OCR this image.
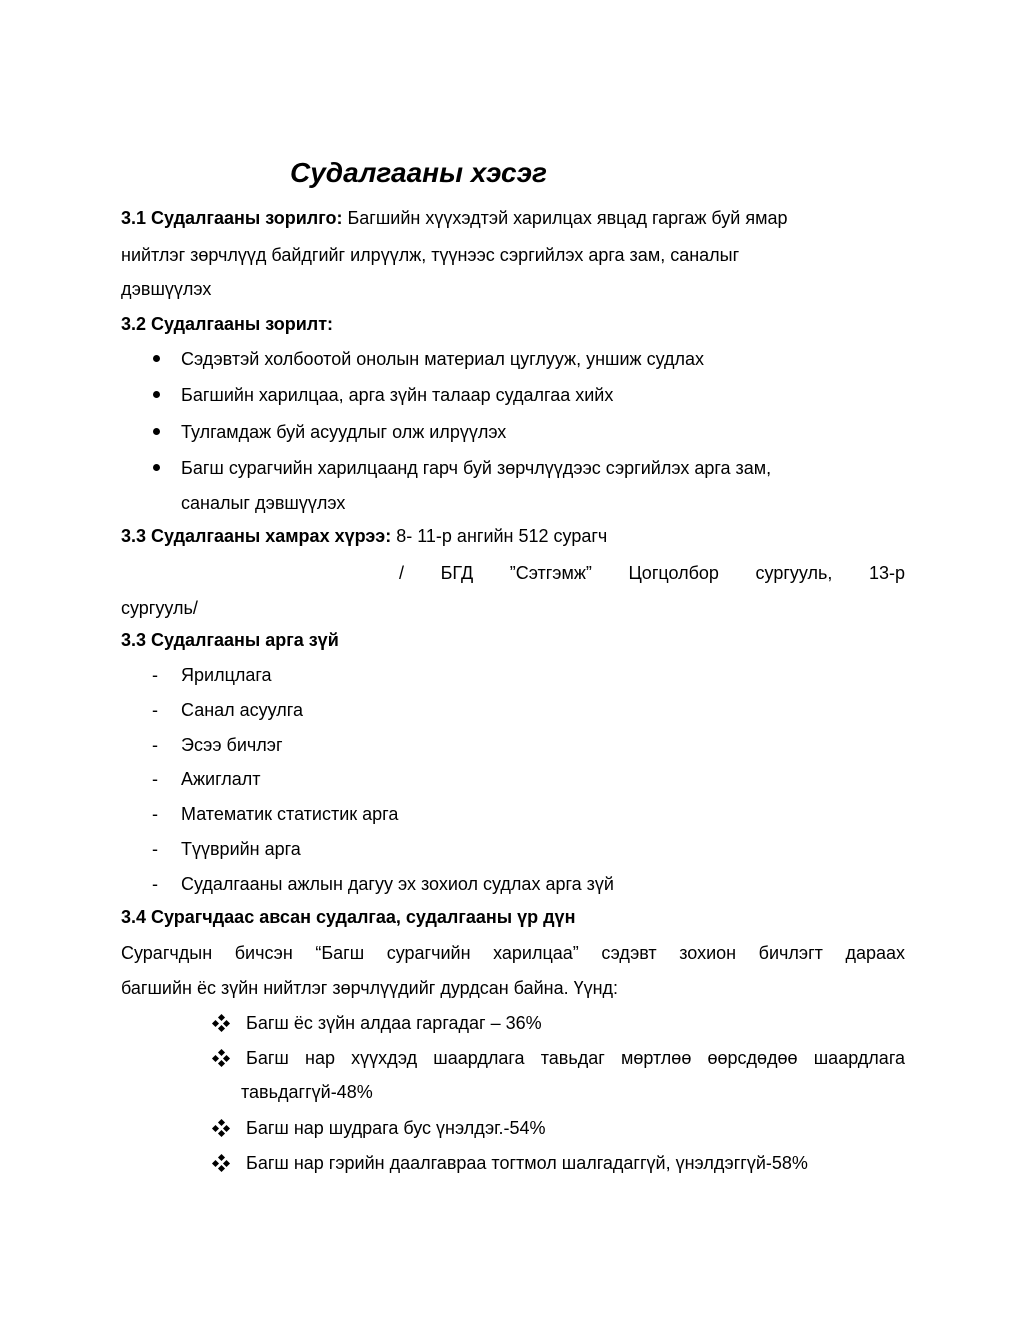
Судалгааны хэсэг

3.1 Судалгааны зорилго: Багшийн хүүхэдтэй харилцах явцад гаргаж буй ямар

нийтлэг зөрчлүүд байдгийг илрүүлж, түүнээс сэргийлэх арга зам, саналыг

дэвшүүлэх

3.2 Судалгааны зорилт:

Сэдэвтэй холбоотой онолын материал цуглууж, уншиж судлах

Багшийн харилцаа, арга зүйн талаар судалгаа хийх

Тулгамдаж буй асуудлыг олж илрүүлэх

Багш сурагчийн харилцаанд гарч буй зөрчлүүдээс сэргийлэх арга зам,

саналыг дэвшүүлэх

3.3 Судалгааны хамрах хүрээ: 8- 11-р ангийн 512 сурагч

/ БГД ”Сэтгэмж” Цогцолбор сургууль, 13-р

сургууль/

3.3 Судалгааны арга зүй

- Ярилцлага

- Санал асуулга

- Эсээ бичлэг

- Ажиглалт

- Математик статистик арга

- Түүврийн арга

- Судалгааны ажлын дагуу эх зохиол судлах арга зүй

3.4 Сурагчдаас авсан судалгаа, судалгааны үр дүн

Сурагчдын бичсэн “Багш сурагчийн харилцаа” сэдэвт зохион бичлэгт дараах

багшийн ёс зүйн нийтлэг зөрчлүүдийг дурдсан байна. Үүнд:

Багш ёс зүйн алдаа гаргадаг – 36%

Багш нар хүүхдэд шаардлага тавьдаг мөртлөө өөрсдөдөө шаардлага

тавьдаггүй-48%

Багш нар шудрага бус үнэлдэг.-54%

Багш нар гэрийн даалгавраа тогтмол шалгадаггүй, үнэлдэггүй-58%
